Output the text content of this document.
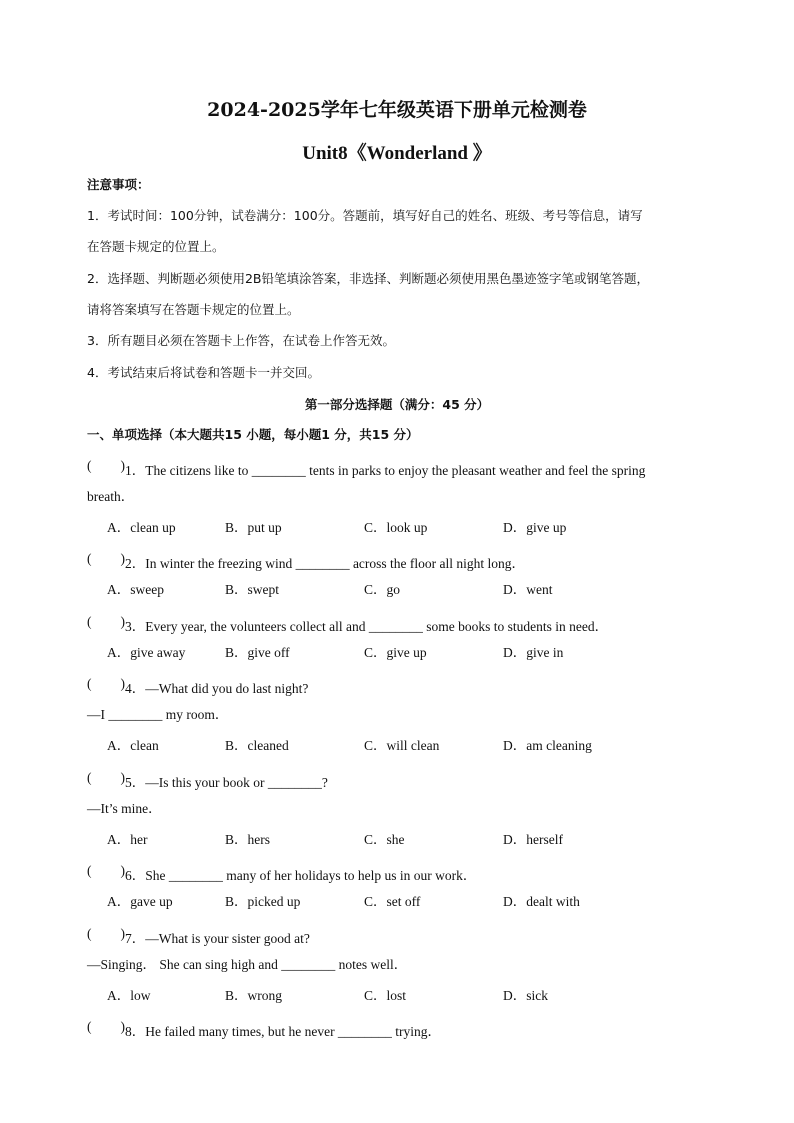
2024-2025学年七年级英语下册单元检测卷
Unit8《Wonderland 》
注意事项：
1．考试时间：100分钟，试卷满分：100分。答题前，填写好自己的姓名、班级、考号等信息，请写
在答题卡规定的位置上。
2．选择题、判断题必须使用2B铅笔填涂答案，非选择、判断题必须使用黑色墨迹签字笔或钢笔答题，
请将答案填写在答题卡规定的位置上。
3．所有题目必须在答题卡上作答，在试卷上作答无效。
4．考试结束后将试卷和答题卡一并交回。
第一部分选择题（满分：45 分）
一、单项选择（本大题共15 小题，每小题1 分，共15 分）
( ) 1．The citizens like to ________ tents in parks to enjoy the pleasant weather and feel the spring
breath．
A．clean up	B．put up	C．look up	D．give up
( ) 2．In winter the freezing wind ________ across the floor all night long．
A．sweep	B．swept	C．go	D．went
( ) 3．Every year, the volunteers collect all and ________ some books to students in need．
A．give away	B．give off	C．give up	D．give in
( ) 4．—What did you do last night?
—I ________ my room．
A．clean	B．cleaned	C．will clean	D．am cleaning
( ) 5．—Is this your book or ________?
—It’s mine．
A．her	B．hers	C．she	D．herself
( ) 6．She ________ many of her holidays to help us in our work．
A．gave up	B．picked up	C．set off	D．dealt with
( ) 7．—What is your sister good at?
—Singing． She can sing high and ________ notes well．
A．low	B．wrong	C．lost	D．sick
( ) 8．He failed many times, but he never ________ trying．
